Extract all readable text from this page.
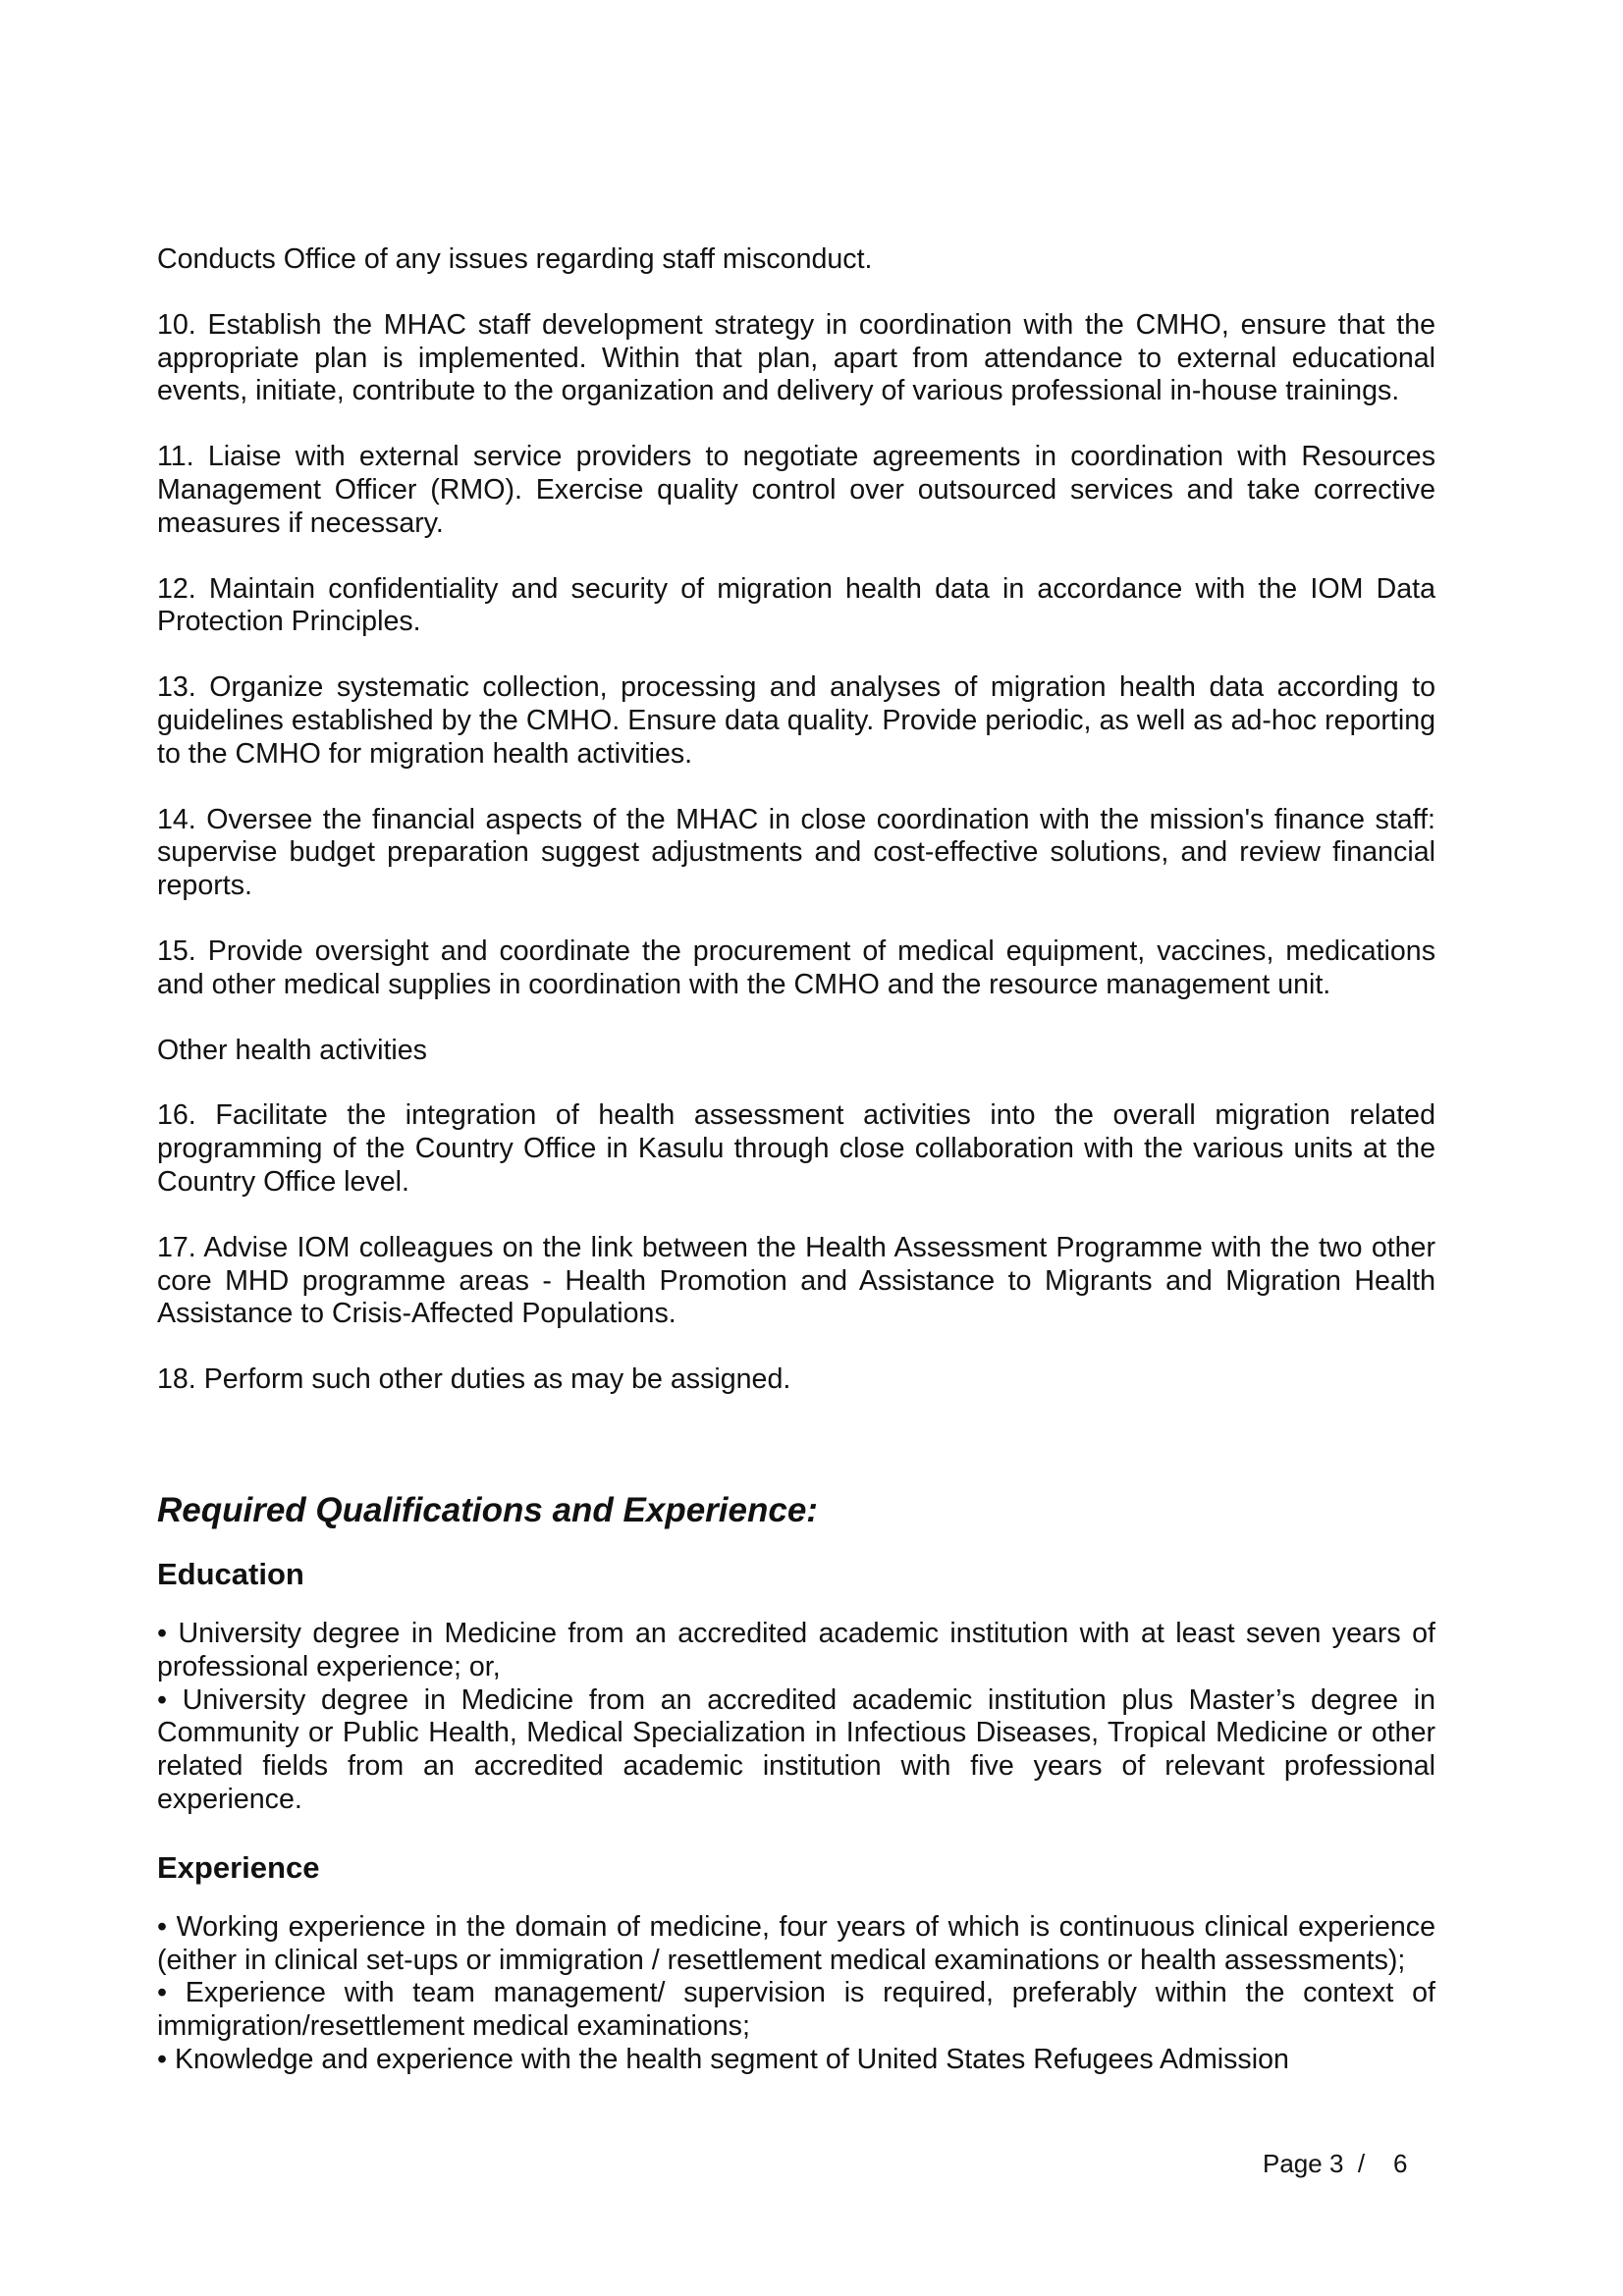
Conducts Office of any issues regarding staff misconduct.

10. Establish the MHAC staff development strategy in coordination with the CMHO, ensure that the appropriate plan is implemented. Within that plan, apart from attendance to external educational events, initiate, contribute to the organization and delivery of various professional in-house trainings.

11. Liaise with external service providers to negotiate agreements in coordination with Resources Management Officer (RMO). Exercise quality control over outsourced services and take corrective measures if necessary.

12. Maintain confidentiality and security of migration health data in accordance with the IOM Data Protection Principles.

13. Organize systematic collection, processing and analyses of migration health data according to guidelines established by the CMHO. Ensure data quality. Provide periodic, as well as ad-hoc reporting to the CMHO for migration health activities.

14. Oversee the financial aspects of the MHAC in close coordination with the mission's finance staff: supervise budget preparation suggest adjustments and cost-effective solutions, and review financial reports.

15. Provide oversight and coordinate the procurement of medical equipment, vaccines, medications and other medical supplies in coordination with the CMHO and the resource management unit.

Other health activities

16. Facilitate the integration of health assessment activities into the overall migration related programming of the Country Office in Kasulu through close collaboration with the various units at the Country Office level.

17. Advise IOM colleagues on the link between the Health Assessment Programme with the two other core MHD programme areas - Health Promotion and Assistance to Migrants and Migration Health Assistance to Crisis-Affected Populations.

18. Perform such other duties as may be assigned.

Required Qualifications and Experience:
Education

• University degree in Medicine from an accredited academic institution with at least seven years of professional experience; or,

• University degree in Medicine from an accredited academic institution plus Master’s degree in Community or Public Health, Medical Specialization in Infectious Diseases, Tropical Medicine or other related fields from an accredited academic institution with five years of relevant professional experience.

Experience

• Working experience in the domain of medicine, four years of which is continuous clinical experience (either in clinical set-ups or immigration / resettlement medical examinations or health assessments);

• Experience with team management/ supervision is required, preferably within the context of immigration/resettlement medical examinations;

• Knowledge and experience with the health segment of United States Refugees Admission

Page 3  /    6
